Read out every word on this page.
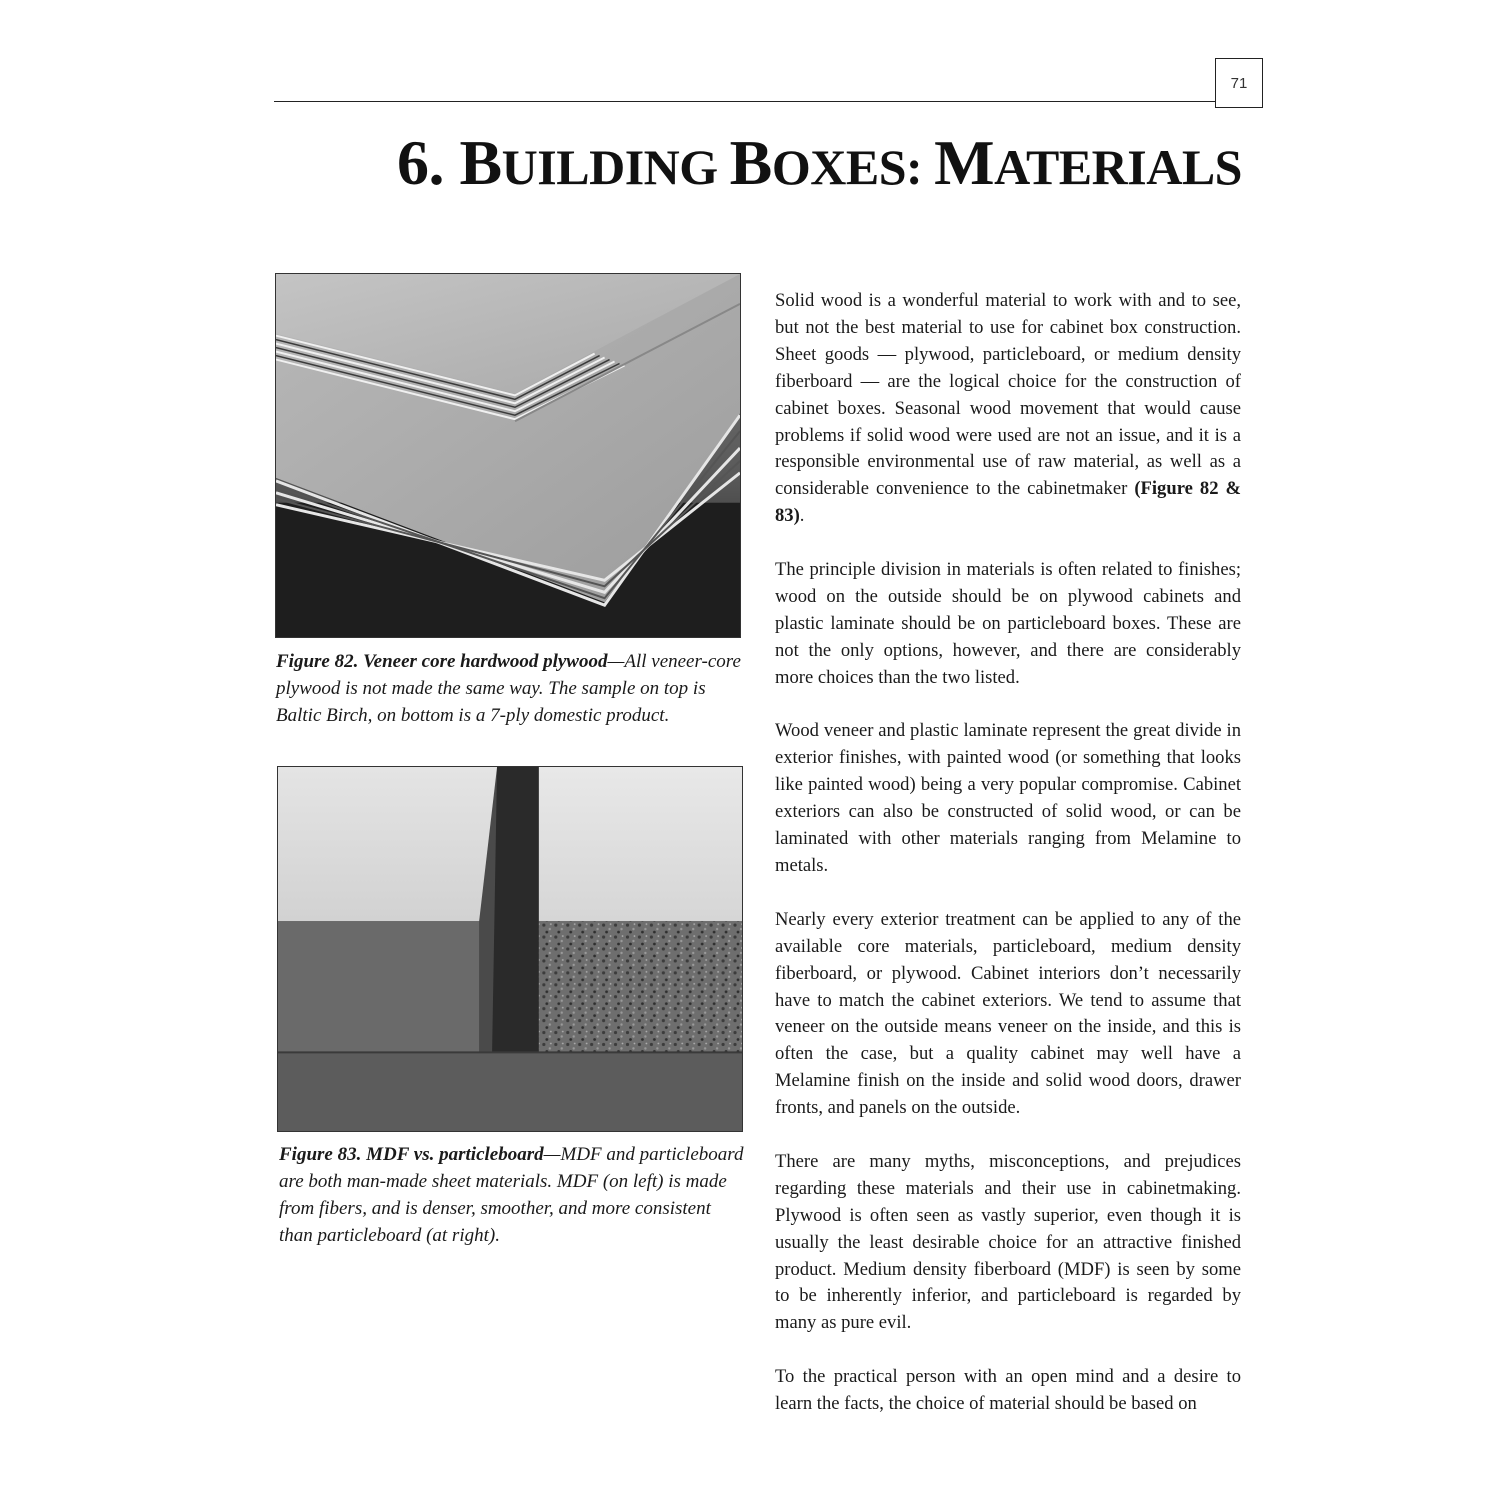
71
6. BUILDING BOXES: MATERIALS

Figure 82. Veneer core hardwood plywood—All veneer-core plywood is not made the same way. The sample on top is Baltic Birch, on bottom is a 7-ply domestic product.

Figure 83. MDF vs. particleboard—MDF and particleboard are both man-made sheet materials. MDF (on left) is made from fibers, and is denser, smoother, and more consistent than particleboard (at right).

Solid wood is a wonderful material to work with and to see, but not the best material to use for cabinet box construction. Sheet goods — plywood, particleboard, or medium density fiberboard — are the logical choice for the construction of cabinet boxes. Seasonal wood movement that would cause problems if solid wood were used are not an issue, and it is a responsible environmental use of raw material, as well as a considerable convenience to the cabinetmaker (Figure 82 & 83).

The principle division in materials is often related to finishes; wood on the outside should be on plywood cabinets and plastic laminate should be on particleboard boxes. These are not the only options, however, and there are considerably more choices than the two listed.

Wood veneer and plastic laminate represent the great divide in exterior finishes, with painted wood (or something that looks like painted wood) being a very popular compromise. Cabinet exteriors can also be constructed of solid wood, or can be laminated with other materials ranging from Melamine to metals.

Nearly every exterior treatment can be applied to any of the available core materials, particleboard, medium density fiberboard, or plywood. Cabinet interiors don’t necessarily have to match the cabinet exteriors. We tend to assume that veneer on the outside means veneer on the inside, and this is often the case, but a quality cabinet may well have a Melamine finish on the inside and solid wood doors, drawer fronts, and panels on the outside.

There are many myths, misconceptions, and prejudices regarding these materials and their use in cabinetmaking. Plywood is often seen as vastly superior, even though it is usually the least desirable choice for an attractive finished product. Medium density fiberboard (MDF) is seen by some to be inherently inferior, and particleboard is regarded by many as pure evil.

To the practical person with an open mind and a desire to learn the facts, the choice of material should be based on
